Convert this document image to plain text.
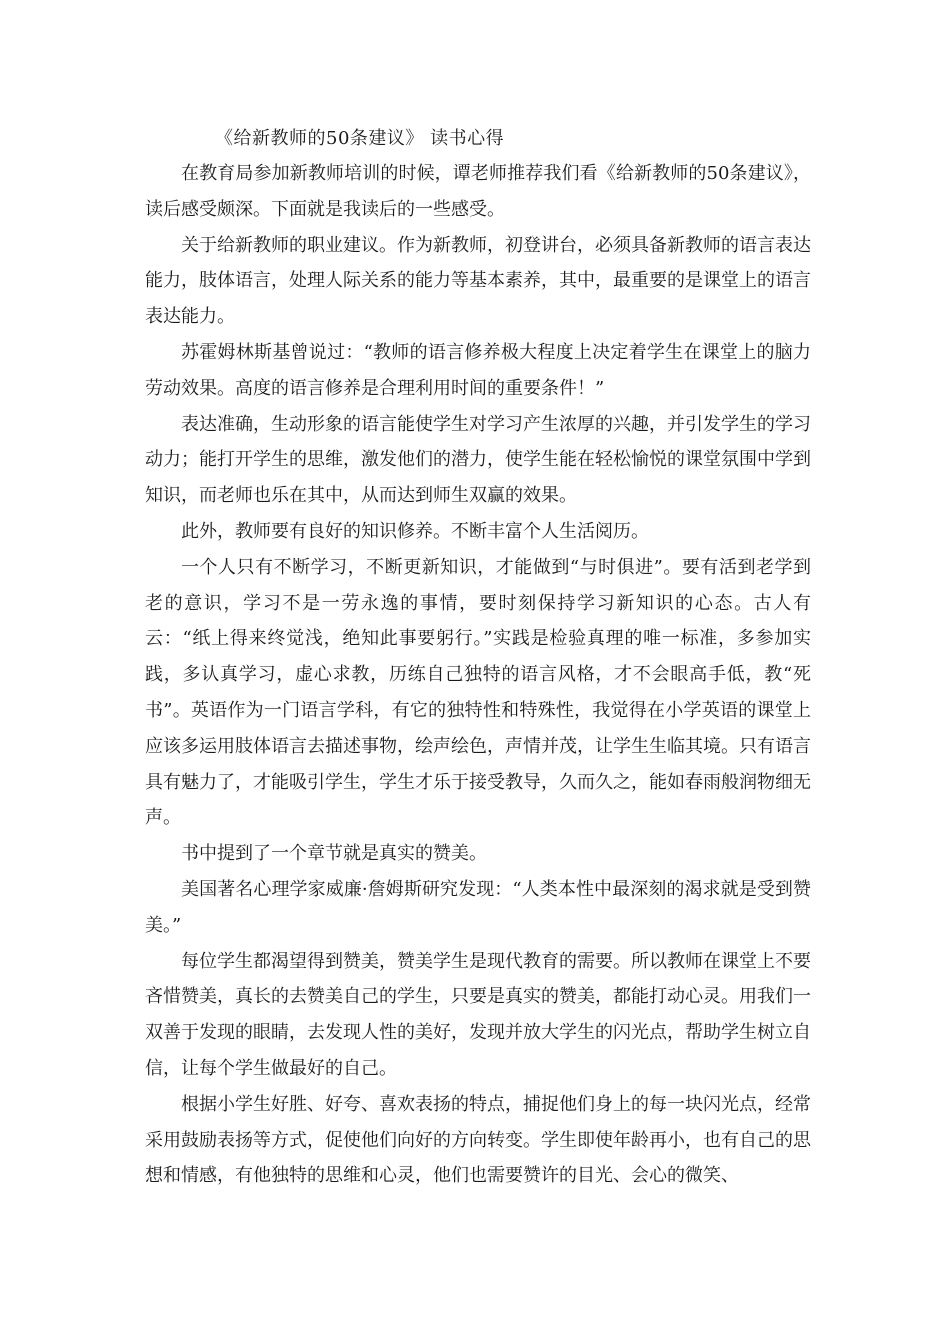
《给新教师的50条建议》 读书心得

在教育局参加新教师培训的时候，谭老师推荐我们看《给新教师的50条建议》，读后感受颇深。下面就是我读后的一些感受。

关于给新教师的职业建议。作为新教师，初登讲台，必须具备新教师的语言表达能力，肢体语言，处理人际关系的能力等基本素养，其中，最重要的是课堂上的语言表达能力。

苏霍姆林斯基曾说过：“教师的语言修养极大程度上决定着学生在课堂上的脑力劳动效果。高度的语言修养是合理利用时间的重要条件！”

表达准确，生动形象的语言能使学生对学习产生浓厚的兴趣，并引发学生的学习动力；能打开学生的思维，激发他们的潜力，使学生能在轻松愉悦的课堂氛围中学到知识，而老师也乐在其中，从而达到师生双赢的效果。

此外，教师要有良好的知识修养。不断丰富个人生活阅历。

一个人只有不断学习，不断更新知识，才能做到“与时俱进”。要有活到老学到老的意识，学习不是一劳永逸的事情，要时刻保持学习新知识的心态。古人有云：“纸上得来终觉浅，绝知此事要躬行。”实践是检验真理的唯一标准，多参加实践，多认真学习，虚心求教，历练自己独特的语言风格，才不会眼高手低，教“死书”。英语作为一门语言学科，有它的独特性和特殊性，我觉得在小学英语的课堂上应该多运用肢体语言去描述事物，绘声绘色，声情并茂，让学生生临其境。只有语言具有魅力了，才能吸引学生，学生才乐于接受教导，久而久之，能如春雨般润物细无声。

书中提到了一个章节就是真实的赞美。

美国著名心理学家威廉·詹姆斯研究发现：“人类本性中最深刻的渴求就是受到赞美。”

每位学生都渴望得到赞美，赞美学生是现代教育的需要。所以教师在课堂上不要吝惜赞美，真长的去赞美自己的学生，只要是真实的赞美，都能打动心灵。用我们一双善于发现的眼睛，去发现人性的美好，发现并放大学生的闪光点，帮助学生树立自信，让每个学生做最好的自己。

根据小学生好胜、好夸、喜欢表扬的特点，捕捉他们身上的每一块闪光点，经常采用鼓励表扬等方式，促使他们向好的方向转变。学生即使年龄再小，也有自己的思想和情感，有他独特的思维和心灵，他们也需要赞许的目光、会心的微笑、
